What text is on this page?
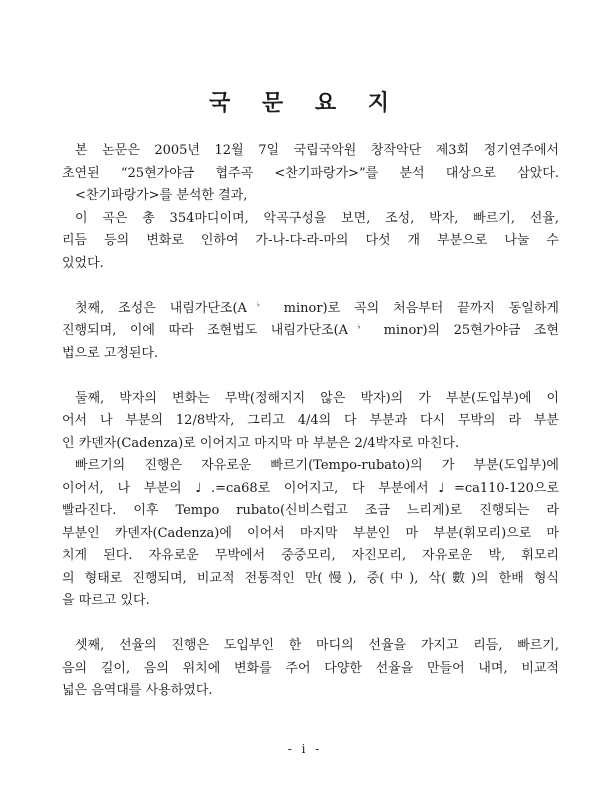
국 문 요 지
본 논문은 2005년 12월 7일 국립국악원 창작악단 제3회 정기연주에서
초연된 “25현가야금 협주곡 <찬기파랑가>”를 분석 대상으로 삼았다.
<찬기파랑가>를 분석한 결과,
이 곡은 총 354마디이며, 악곡구성을 보면, 조성, 박자, 빠르기, 선율,
리듬 등의 변화로 인하여 가-나-다-라-마의 다섯 개 부분으로 나눌 수
있었다.
첫째, 조성은 내림가단조(A♭ minor)로 곡의 처음부터 끝까지 동일하게
진행되며, 이에 따라 조현법도 내림가단조(A♭ minor)의 25현가야금 조현
법으로 고정된다.
둘째, 박자의 변화는 무박(정해지지 않은 박자)의 가 부분(도입부)에 이
어서 나 부분의 12/8박자, 그리고 4/4의 다 부분과 다시 무박의 라 부분
인 카덴자(Cadenza)로 이어지고 마지막 마 부분은 2/4박자로 마친다.
빠르기의 진행은 자유로운 빠르기(Tempo-rubato)의 가 부분(도입부)에
이어서, 나 부분의 ♩.=ca68로 이어지고, 다 부분에서♩=ca110-120으로
빨라진다. 이후 Tempo rubato(신비스럽고 조금 느리게)로 진행되는 라
부분인 카덴자(Cadenza)에 이어서 마지막 부분인 마 부분(휘모리)으로 마
치게 된다. 자유로운 무박에서 중중모리, 자진모리, 자유로운 박, 휘모리
의 형태로 진행되며, 비교적 전통적인 만(慢), 중(中), 삭(數)의 한배 형식
을 따르고 있다.
셋째, 선율의 진행은 도입부인 한 마디의 선율을 가지고 리듬, 빠르기,
음의 길이, 음의 위치에 변화를 주어 다양한 선율을 만들어 내며, 비교적
넓은 음역대를 사용하였다.
- i -
